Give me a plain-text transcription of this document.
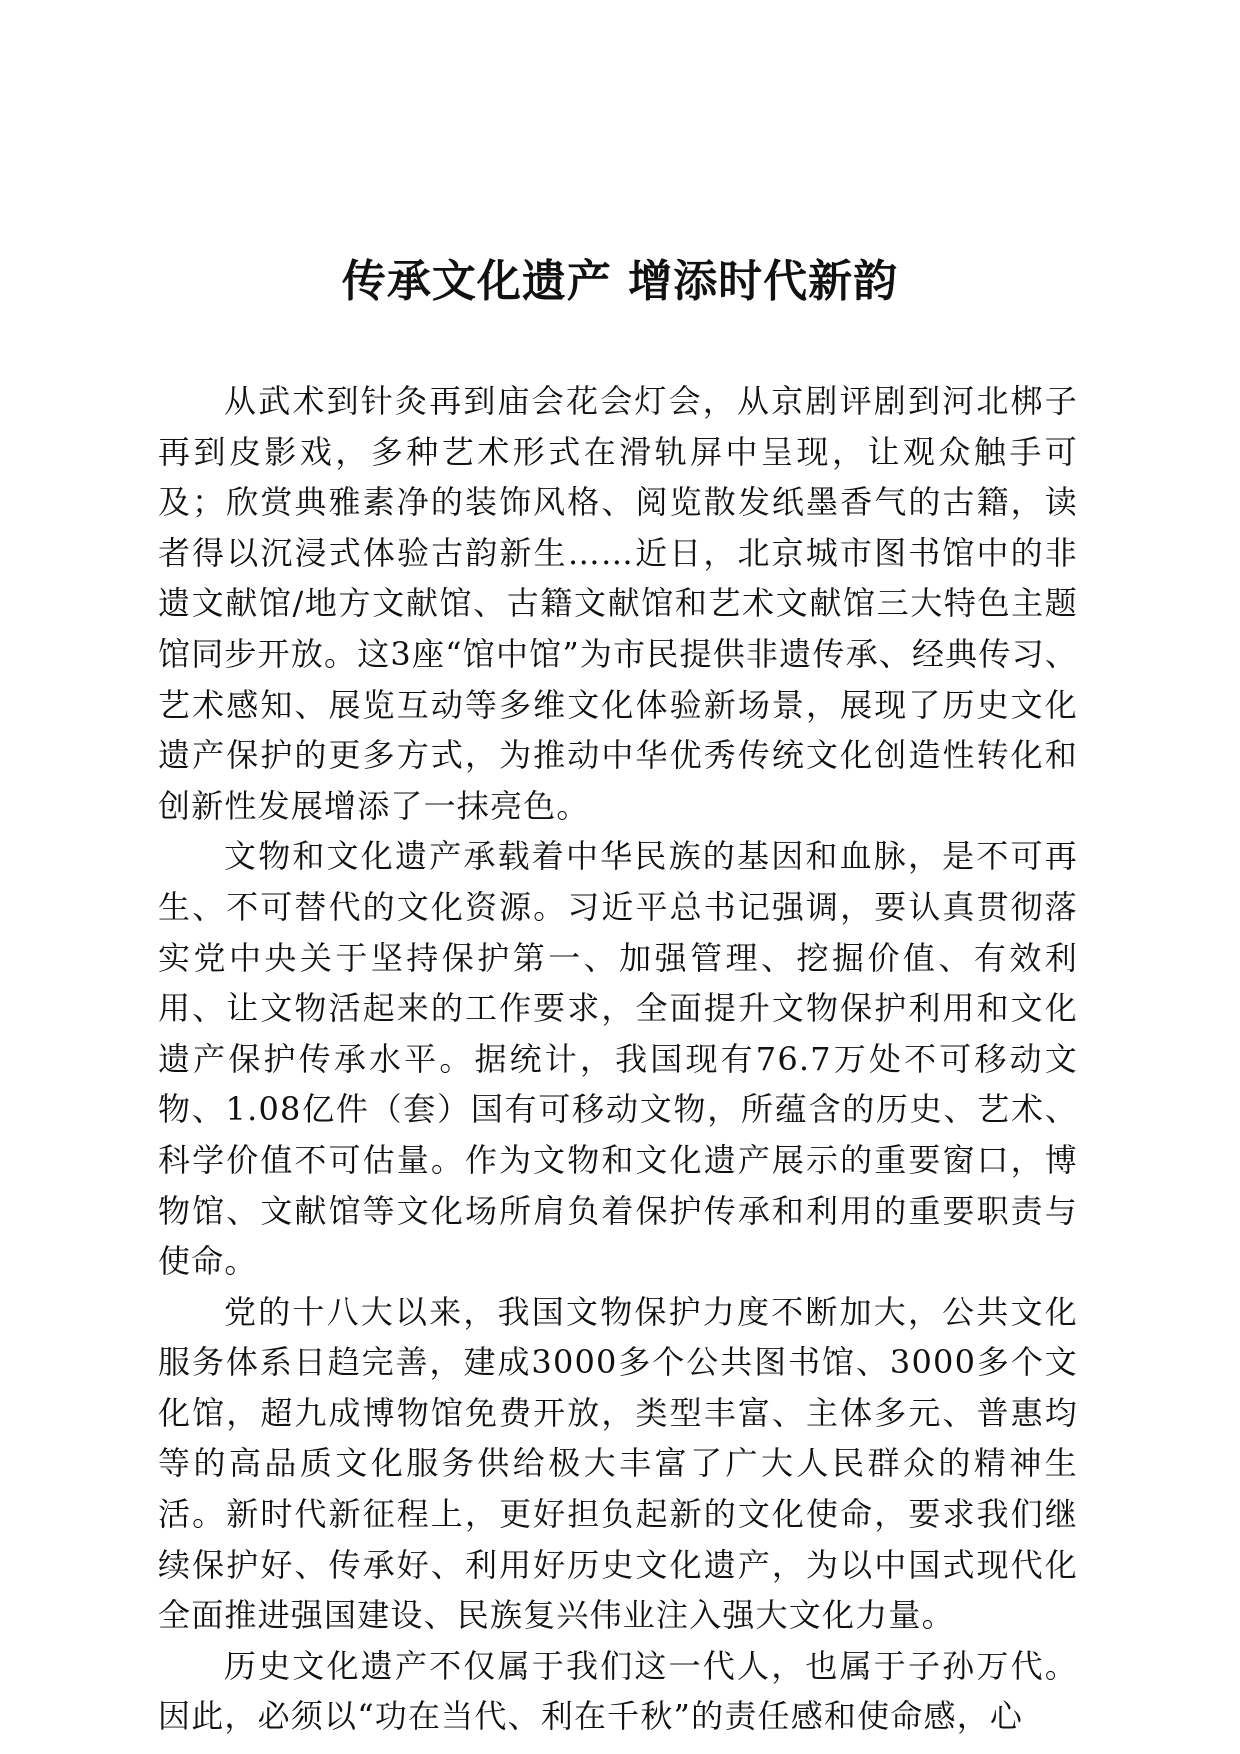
传承文化遗产 增添时代新韵

从武术到针灸再到庙会花会灯会，从京剧评剧到河北梆子再到皮影戏，多种艺术形式在滑轨屏中呈现，让观众触手可及；欣赏典雅素净的装饰风格、阅览散发纸墨香气的古籍，读者得以沉浸式体验古韵新生……近日，北京城市图书馆中的非遗文献馆/地方文献馆、古籍文献馆和艺术文献馆三大特色主题馆同步开放。这3座“馆中馆”为市民提供非遗传承、经典传习、艺术感知、展览互动等多维文化体验新场景，展现了历史文化遗产保护的更多方式，为推动中华优秀传统文化创造性转化和创新性发展增添了一抹亮色。

文物和文化遗产承载着中华民族的基因和血脉，是不可再生、不可替代的文化资源。习近平总书记强调，要认真贯彻落实党中央关于坚持保护第一、加强管理、挖掘价值、有效利用、让文物活起来的工作要求，全面提升文物保护利用和文化遗产保护传承水平。据统计，我国现有76.7万处不可移动文物、1.08亿件（套）国有可移动文物，所蕴含的历史、艺术、科学价值不可估量。作为文物和文化遗产展示的重要窗口，博物馆、文献馆等文化场所肩负着保护传承和利用的重要职责与使命。

党的十八大以来，我国文物保护力度不断加大，公共文化服务体系日趋完善，建成3000多个公共图书馆、3000多个文化馆，超九成博物馆免费开放，类型丰富、主体多元、普惠均等的高品质文化服务供给极大丰富了广大人民群众的精神生活。新时代新征程上，更好担负起新的文化使命，要求我们继续保护好、传承好、利用好历史文化遗产，为以中国式现代化全面推进强国建设、民族复兴伟业注入强大文化力量。

历史文化遗产不仅属于我们这一代人，也属于子孙万代。因此，必须以“功在当代、利在千秋”的责任感和使命感，心
